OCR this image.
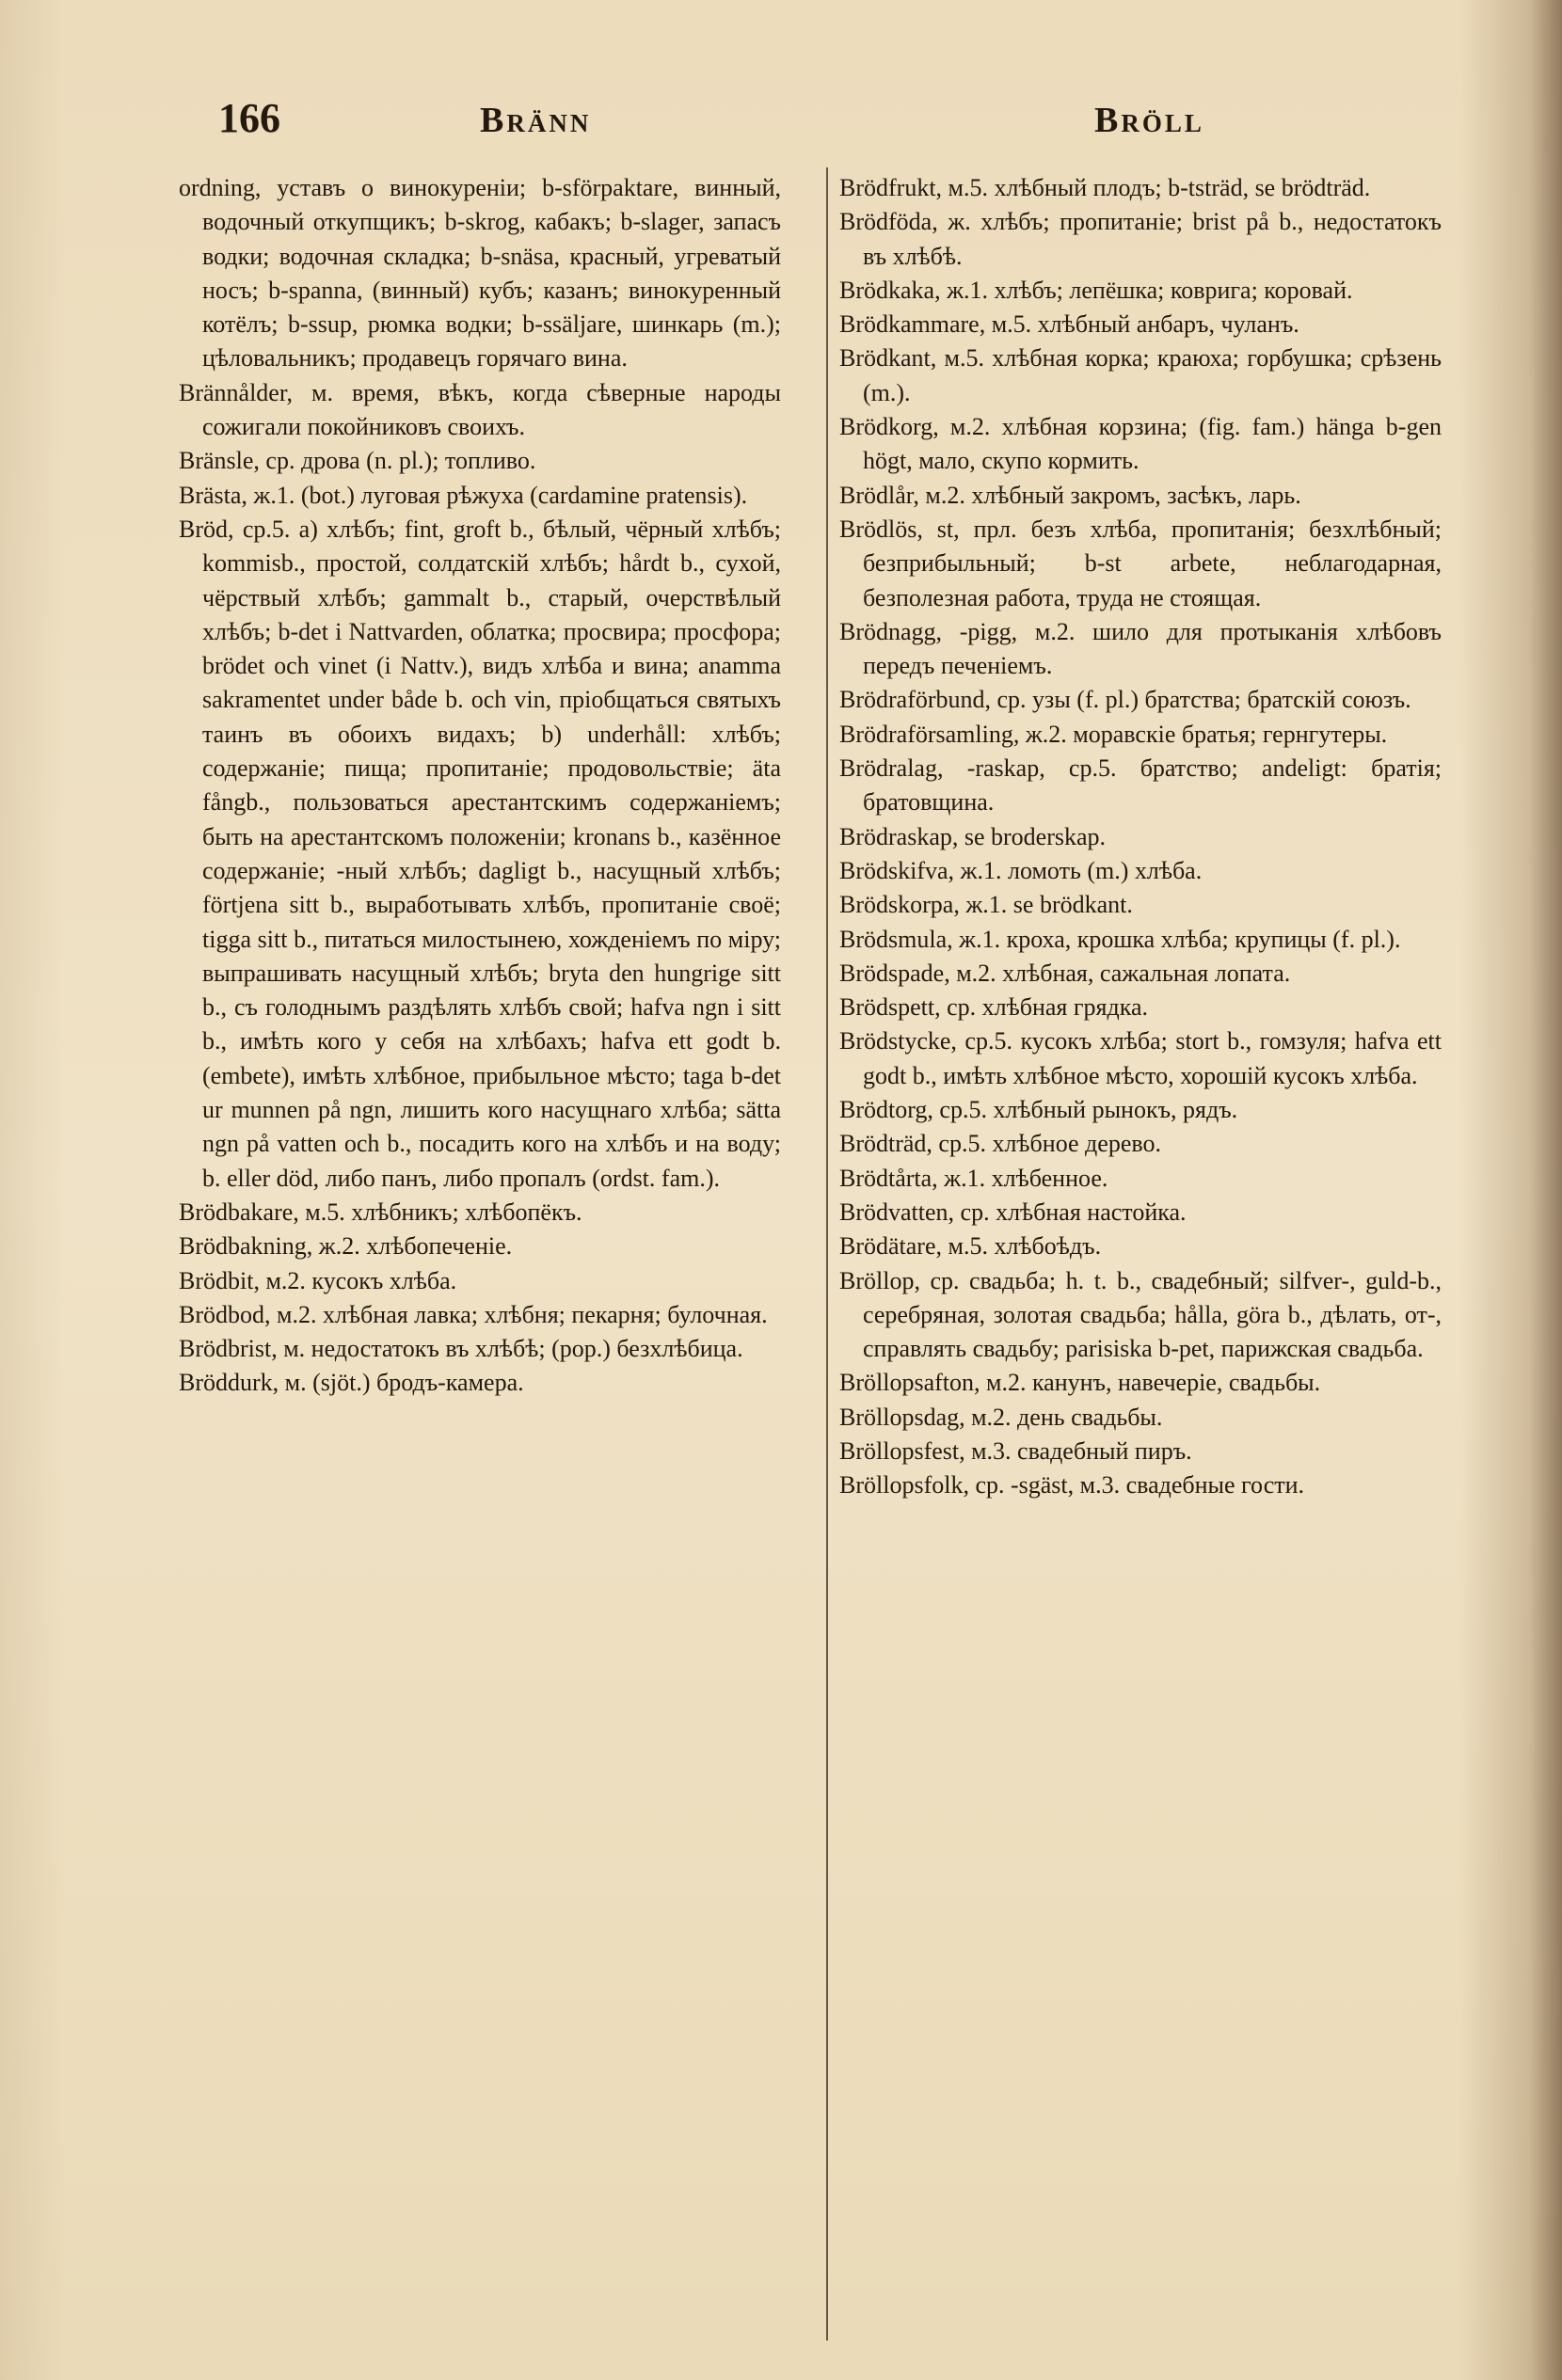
166	Bränn	Bröll

ordning, уставъ о винокуреніи; b-sförpaktare, винный, водочный откупщикъ; b-skrog, кабакъ; b-slager, запасъ водки; водочная складка; b-snäsa, красный, угреватый носъ; b-spanna, (винный) кубъ; казанъ; винокуренный котёлъ; b-ssup, рюмка водки; b-ssäljare, шинкарь (m.); цѣловальникъ; продавецъ горячаго вина.

Brännålder, м. время, вѣкъ, когда сѣверные народы сожигали покойниковъ своихъ.

Bränsle, ср. дрова (n. pl.); топливо.

Brästa, ж.1. (bot.) луговая рѣжуха (cardamine pratensis).

Bröd, ср.5. a) хлѣбъ; fint, groft b., бѣлый, чёрный хлѣбъ; kommisb., простой, солдатскій хлѣбъ; hårdt b., сухой, чёрствый хлѣбъ; gammalt b., старый, очерствѣлый хлѣбъ; b-det i Nattvarden, облатка; просвира; просфора; brödet och vinet (i Nattv.), видъ хлѣба и вина; anamma sakramentet under både b. och vin, пріобщаться святыхъ таинъ въ обоихъ видахъ; b) underhåll: хлѣбъ; содержаніе; пища; пропитаніе; продовольствіе; äta fångb., пользоваться арестантскимъ содержаніемъ; быть на арестантскомъ положеніи; kronans b., казённое содержаніе; -ный хлѣбъ; dagligt b., насущный хлѣбъ; förtjena sitt b., выработывать хлѣбъ, пропитаніе своё; tigga sitt b., питаться милостынею, хожденіемъ по міру; выпрашивать насущный хлѣбъ; bryta den hungrige sitt b., съ голоднымъ раздѣлять хлѣбъ свой; hafva ngn i sitt b., имѣть кого у себя на хлѣбахъ; hafva ett godt b. (embete), имѣть хлѣбное, прибыльное мѣсто; taga b-det ur munnen på ngn, лишить кого насущнаго хлѣба; sätta ngn på vatten och b., посадить кого на хлѣбъ и на воду; b. eller död, либо панъ, либо пропалъ (ordst. fam.).

Brödbakare, м.5. хлѣбникъ; хлѣбопёкъ.

Brödbakning, ж.2. хлѣбопеченіе.

Brödbit, м.2. кусокъ хлѣба.

Brödbod, м.2. хлѣбная лавка; хлѣбня; пекарня; булочная.

Brödbrist, м. недостатокъ въ хлѣбѣ; (pop.) безхлѣбица.

Bröddurk, м. (sjöt.) бродъ-камера.

Brödfrukt, м.5. хлѣбный плодъ; b-tsträd, se brödträd.

Brödföda, ж. хлѣбъ; пропитаніе; brist på b., недостатокъ въ хлѣбѣ.

Brödkaka, ж.1. хлѣбъ; лепёшка; коврига; коровай.

Brödkammare, м.5. хлѣбный анбаръ, чуланъ.

Brödkant, м.5. хлѣбная корка; краюха; горбушка; срѣзень (m.).

Brödkorg, м.2. хлѣбная корзина; (fig. fam.) hänga b-gen högt, мало, скупо кормить.

Brödlår, м.2. хлѣбный закромъ, засѣкъ, ларь.

Brödlös, st, прл. безъ хлѣба, пропитанія; безхлѣбный; безприбыльный; b-st arbete, неблагодарная, безполезная работа, труда не стоящая.

Brödnagg, -pigg, м.2. шило для протыканія хлѣбовъ передъ печеніемъ.

Brödraförbund, ср. узы (f. pl.) братства; братскій союзъ.

Brödraförsamling, ж.2. моравскіе братья; гернгутеры.

Brödralag, -raskap, ср.5. братство; andeligt: братія; братовщина.

Brödraskap, se broderskap.

Brödskifva, ж.1. ломоть (m.) хлѣба.

Brödskorpa, ж.1. se brödkant.

Brödsmula, ж.1. кроха, крошка хлѣба; крупицы (f. pl.).

Brödspade, м.2. хлѣбная, сажальная лопата.

Brödspett, ср. хлѣбная грядка.

Brödstycke, ср.5. кусокъ хлѣба; stort b., гомзуля; hafva ett godt b., имѣть хлѣбное мѣсто, хорошій кусокъ хлѣба.

Brödtorg, ср.5. хлѣбный рынокъ, рядъ.

Brödträd, ср.5. хлѣбное дерево.

Brödtårta, ж.1. хлѣбенное.

Brödvatten, ср. хлѣбная настойка.

Brödätare, м.5. хлѣбоѣдъ.

Bröllop, ср. свадьба; h. t. b., свадебный; silfver-, guld-b., серебряная, золотая свадьба; hålla, göra b., дѣлать, от-, справлять свадьбу; parisiska b-pet, парижская свадьба.

Bröllopsafton, м.2. канунъ, навечеріе, свадьбы.

Bröllopsdag, м.2. день свадьбы.

Bröllopsfest, м.3. свадебный пиръ.

Bröllopsfolk, ср. -sgäst, м.3. свадебные гости.
